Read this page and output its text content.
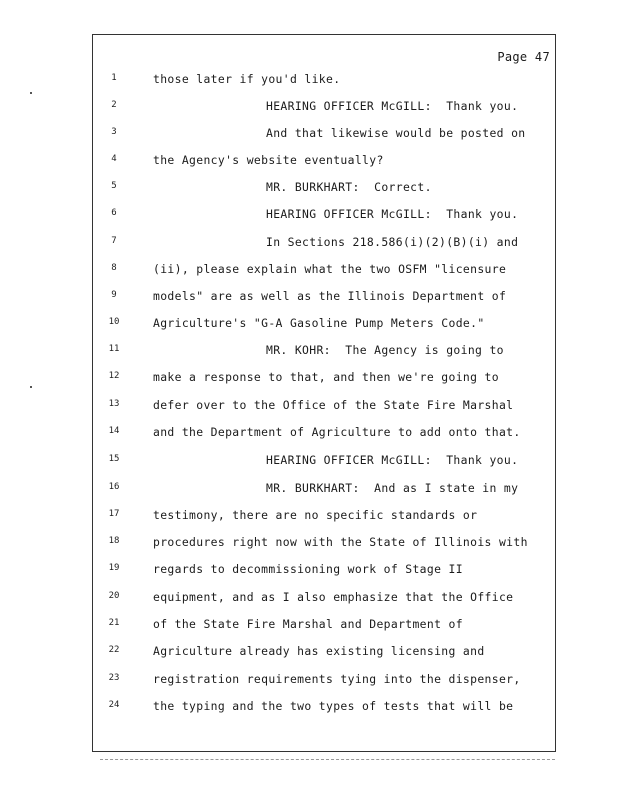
Page 47
1	those later if you'd like.
2	HEARING OFFICER McGILL:  Thank you.
3	And that likewise would be posted on
4	the Agency's website eventually?
5	MR. BURKHART:  Correct.
6	HEARING OFFICER McGILL:  Thank you.
7	In Sections 218.586(i)(2)(B)(i) and
8	(ii), please explain what the two OSFM "licensure
9	models" are as well as the Illinois Department of
10	Agriculture's "G-A Gasoline Pump Meters Code."
11	MR. KOHR:  The Agency is going to
12	make a response to that, and then we're going to
13	defer over to the Office of the State Fire Marshal
14	and the Department of Agriculture to add onto that.
15	HEARING OFFICER McGILL:  Thank you.
16	MR. BURKHART:  And as I state in my
17	testimony, there are no specific standards or
18	procedures right now with the State of Illinois with
19	regards to decommissioning work of Stage II
20	equipment, and as I also emphasize that the Office
21	of the State Fire Marshal and Department of
22	Agriculture already has existing licensing and
23	registration requirements tying into the dispenser,
24	the typing and the two types of tests that will be
